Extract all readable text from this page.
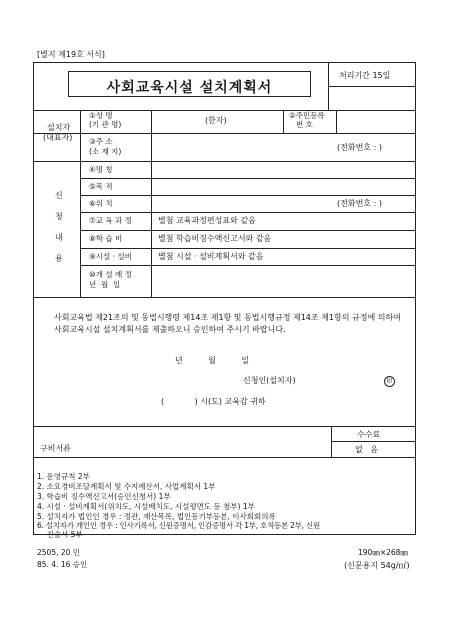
[별지 제19호 서식]
사회교육시설 설치계획서
처리기간 15일
설치자
(대표자)
①성 명
(기 관 명)	(한자)
②주민등록
번 호
③주 소
(소 재 지)	(전화번호 : )
신
청
내
용
④명 칭
⑤목 적
⑥위 치	(전화번호 : )
⑦교 육 과 정	별첨 교육과정편성표와 같음
⑧학 습 비	별첨 학습비징수액신고서와 같음
⑨시설 · 설비	별첨 시설 · 설비계획서와 같음
⑩개 설 예 정
년  월  일
사회교육법 제21조의 및 동법시행령 제14조 제1항 및 동법시행규정 제14조 제1항의 규정에 의하여 사회교육시설 설치계획서를 제출하오니 승인하여 주시기 바랍니다.
년          월          일
신청인(설치자)	印
(            ) 시(도) 교육감 귀하
구비서류
수수료
없   음
1. 운영규칙 2부
2. 소요경비조달계획서 및 수지예산서, 사업계획서 1부
3. 학습비 징수액신고서(승인신청서) 1부
4. 시설 · 설비계획서(위치도, 시설배치도, 시설평면도 등 첨부) 1부
5. 설치자가 법인인 경우 : 정관, 재산목록, 법인등기부등본, 이사회회의록
6. 설치자가 개인인 경우 : 인사기록서, 신원증명서, 인감증명서 각 1부, 호적등본 2부, 신원
진술서 5부
2505, 20 민
85. 4. 16 승인
190㎜×268㎜
(신문용지 54g/㎡)
